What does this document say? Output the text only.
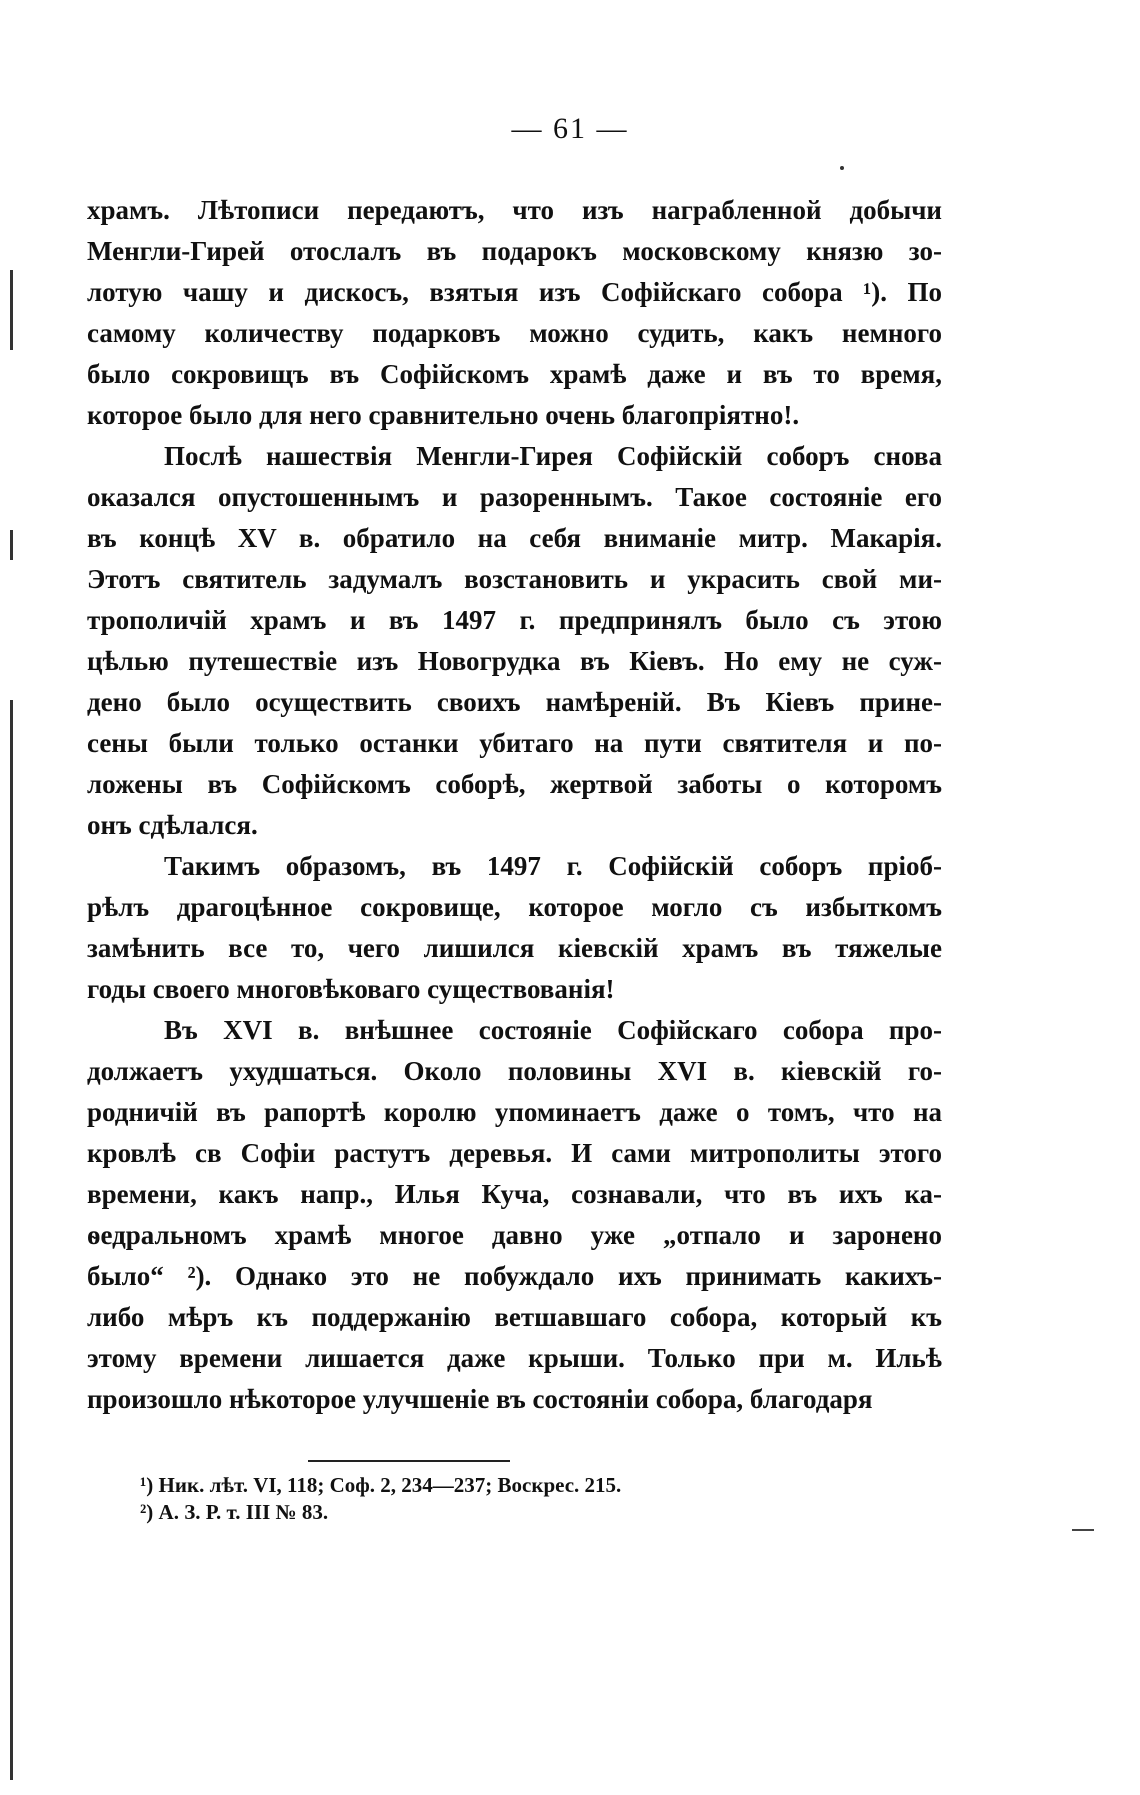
— 61 —
храмъ. Лѣтописи передаютъ, что изъ награбленной добычи
Менгли-Гирей отослалъ въ подарокъ московскому князю зо-
лотую чашу и дискосъ, взятыя изъ Софійскаго собора ¹). По
самому количеству подарковъ можно судить, какъ немного
было сокровищъ въ Софійскомъ храмѣ даже и въ то время,
которое было для него сравнительно очень благопріятно!.
Послѣ нашествія Менгли-Гирея Софійскій соборъ снова
оказался опустошеннымъ и разореннымъ. Такое состояніе его
въ концѣ XV в. обратило на себя вниманіе митр. Макарія.
Этотъ святитель задумалъ возстановить и украсить свой ми-
трополичій храмъ и въ 1497 г. предпринялъ было съ этою
цѣлью путешествіе изъ Новогрудка въ Кіевъ. Но ему не суж-
дено было осуществить своихъ намѣреній. Въ Кіевъ прине-
сены были только останки убитаго на пути святителя и по-
ложены въ Софійскомъ соборѣ, жертвой заботы о которомъ
онъ сдѣлался.
Такимъ образомъ, въ 1497 г. Софійскій соборъ пріоб-
рѣлъ драгоцѣнное сокровище, которое могло съ избыткомъ
замѣнить все то, чего лишился кіевскій храмъ въ тяжелые
годы своего многовѣковаго существованія!
Въ XVI в. внѣшнее состояніе Софійскаго собора про-
должаетъ ухудшаться. Около половины XVI в. кіевскій го-
родничій въ рапортѣ королю упоминаетъ даже о томъ, что на
кровлѣ св Софіи растутъ деревья. И сами митрополиты этого
времени, какъ напр., Илья Куча, сознавали, что въ ихъ ка-
ѳедральномъ храмѣ многое давно уже „отпало и заронено
было“ ²). Однако это не побуждало ихъ принимать какихъ-
либо мѣръ къ поддержанію ветшавшаго собора, который къ
этому времени лишается даже крыши. Только при м. Ильѣ
произошло нѣкоторое улучшеніе въ состояніи собора, благодаря
¹) Ник. лѣт. VI, 118; Соф. 2, 234—237; Воскрес. 215.
²) А. З. Р. т. III № 83.
